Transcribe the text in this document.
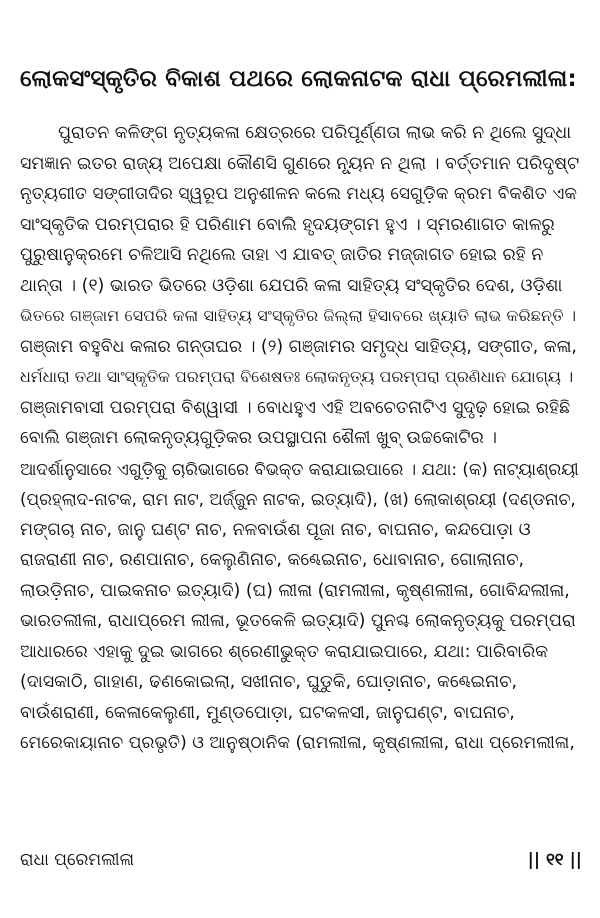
ଲୋକସଂସ୍କୃତିର ବିକାଶ ପଥରେ ଲୋକନାଟକ ରାଧା ପ୍ରେମଲୀଳା:
ପୁରାତନ କଳିଙ୍ଗ ନୃତ୍ୟକଳା କ୍ଷେତ୍ରରେ ପରିପୂର୍ଣ୍ଣତା ଲାଭ କରି ନ ଥିଲେ ସୁଦ୍ଧା
ସମଜ୍ଞାନ ଇତର ରାଜ୍ୟ ଅପେକ୍ଷା କୌଣସି ଗୁଣରେ ନ୍ୟୂନ ନ ଥିଲା । ବର୍ତ୍ତମାନ ପରିଦୃଷ୍ଟ
ନୃତ୍ୟଗୀତ ସଙ୍ଗୀତାଦିର ସ୍ୱରୂପ ଅନୁଶୀଳନ କଲେ ମଧ୍ୟ ସେଗୁଡ଼ିକ କ୍ରମ ବିକଶିତ ଏକ
ସାଂସ୍କୃତିକ ପରମ୍ପରାର ହି ପରିଣାମ ବୋଲି ହୃଦୟଙ୍ଗମ ହୁଏ । ସ୍ମରଣାଗତ କାଳରୁ
ପୁରୁଷାନୁକ୍ରମେ ଚଳିଆସି ନଥିଲେ ତାହା ଏ ଯାବତ୍ ଜାତିର ମଜ୍ଜାଗତ ହୋଇ ରହି ନ
ଥାନ୍ତା । (୧) ଭାରତ ଭିତରେ ଓଡ଼ିଶା ଯେପରି କଳା ସାହିତ୍ୟ ସଂସ୍କୃତିର ଦେଶ, ଓଡ଼ିଶା
ଭିତରେ ଗଞ୍ଜାମ ସେପରି କଳା ସାହିତ୍ୟ ସଂସ୍କୃତିର ଜିଲ୍ଲା ହିସାବରେ ଖ୍ୟାତି ଲାଭ କରିଛନ୍ତି ।
ଗଞ୍ଜାମ ବହୁବିଧ କଳାର ଗନ୍ତାଘର । (୨) ଗଞ୍ଜାମର ସମୃଦ୍ଧ ସାହିତ୍ୟ, ସଙ୍ଗୀତ, କଳା,
ଧର୍ମଧାରା ତଥା ସାଂସ୍କୃତିକ ପରମ୍ପରା ବିଶେଷତଃ ଲୋକନୃତ୍ୟ ପରମ୍ପରା ପ୍ରଣିଧାନ ଯୋଗ୍ୟ ।
ଗଞ୍ଜାମବାସୀ ପରମ୍ପରା ବିଶ୍ୱାସୀ । ବୋଧହୁଏ ଏହି ଅବଚେତନାଟିଏ ସୁଦୃଢ଼ ହୋଇ ରହିଛି
ବୋଲି ଗଞ୍ଜାମ ଲୋକନୃତ୍ୟଗୁଡ଼ିକର ଉପସ୍ଥାପନା ଶୈଳୀ ଖୁବ୍ ଉଚ୍ଚକୋଟିର ।
ଆଦର୍ଶାନୁସାରେ ଏଗୁଡ଼ିକୁ ଚାରିଭାଗରେ ବିଭକ୍ତ କରାଯାଇପାରେ । ଯଥା: (କ) ନାଟ୍ୟାଶ୍ରୟୀ
(ପ୍ରହ୍ଲାଦ-ନାଟକ, ରାମ ନାଟ, ଅର୍ଜ୍ଜୁନ ନାଟକ, ଇତ୍ୟାଦି), (ଖ) ଲୋକାଶ୍ରୟୀ (ଦଣ୍ଡନାଚ,
ମଙ୍ଗଚା ନାଚ, ଜାନୁ ଘଣ୍ଟ ନାଚ, ନଳବାଉଁଶ ପୂଜା ନାଚ, ବାଘନାଚ, କନ୍ଦପୋଡ଼ା ଓ
ରାଜରାଣୀ ନାଚ, ରଣପାନାଚ, କେଲୁଣିନାଚ, କଣ୍ଢେଇନାଚ, ଧୋବାନାଚ, ଗୋଲାନାଚ,
ଲାଉଡ଼ିନାଚ, ପାଇକନାଚ ଇତ୍ୟାଦି) (ଘ) ଲୀଳା (ରାମଲୀଳା, କୃଷ୍ଣଲୀଳା, ଗୋବିନ୍ଦଲୀଳା,
ଭାରତଲୀଳା, ରାଧାପ୍ରେମ ଲୀଳା, ଭୂତକେଳି ଇତ୍ୟାଦି) ପୁନଶ୍ଚ ଲୋକନୃତ୍ୟକୁ ପରମ୍ପରା
ଆଧାରରେ ଏହାକୁ ଦୁଇ ଭାଗରେ ଶ୍ରେଣୀଭୁକ୍ତ କରାଯାଇପାରେ, ଯଥା: ପାରିବାରିକ
(ଦାସକାଠି, ଗାହାଣ, ଢଣକୋଇଲା, ସଖୀନାଚ, ଘୁଡୁକି, ଘୋଡ଼ାନାଚ, କଣ୍ଢେଇନାଚ,
ବାଉଁଶରାଣୀ, କେଳାକେଲୁଣୀ, ମୁଣ୍ଡପୋଡ଼ା, ଘଟକଳସୀ, ଜାନୁଘଣ୍ଟ, ବାଘନାଚ,
ମେରେକାୟାନାଚ ପ୍ରଭୃତି) ଓ ଆନୁଷ୍ଠାନିକ (ରାମଲୀଳା, କୃଷ୍ଣଲୀଳା, ରାଧା ପ୍ରେମଲୀଳା,
ରାଧା ପ୍ରେମଲୀଳା	|| ୧୧ ||
